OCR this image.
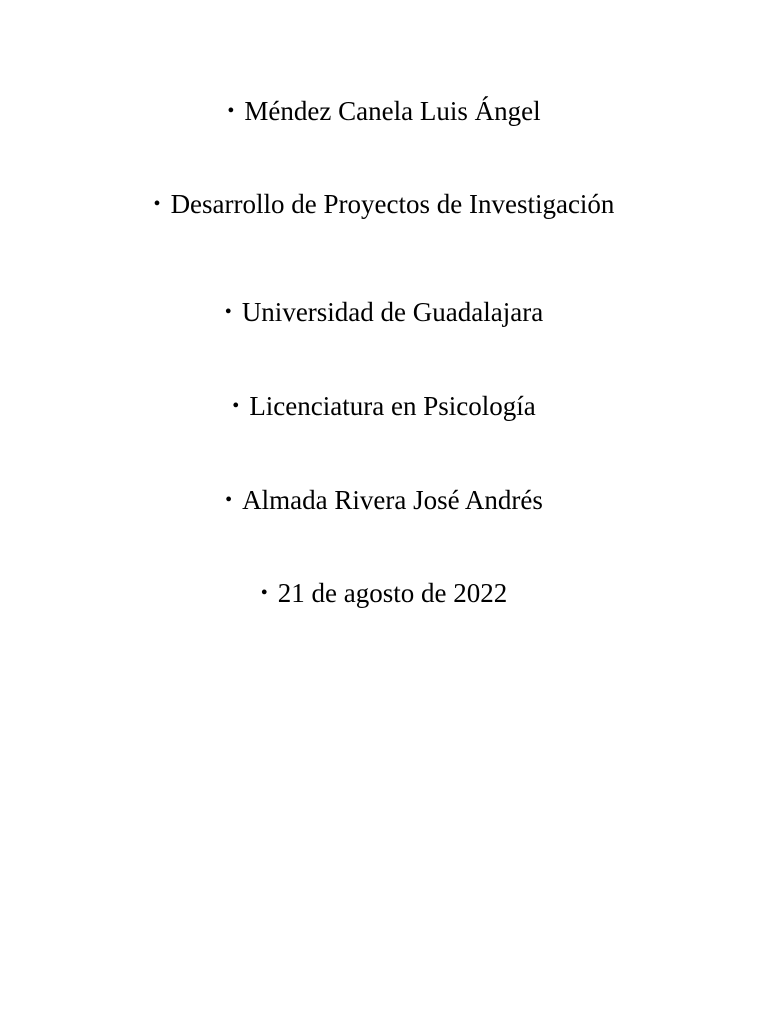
• Méndez Canela Luis Ángel
• Desarrollo de Proyectos de Investigación
• Universidad de Guadalajara
• Licenciatura en Psicología
• Almada Rivera José Andrés
• 21 de agosto de 2022
